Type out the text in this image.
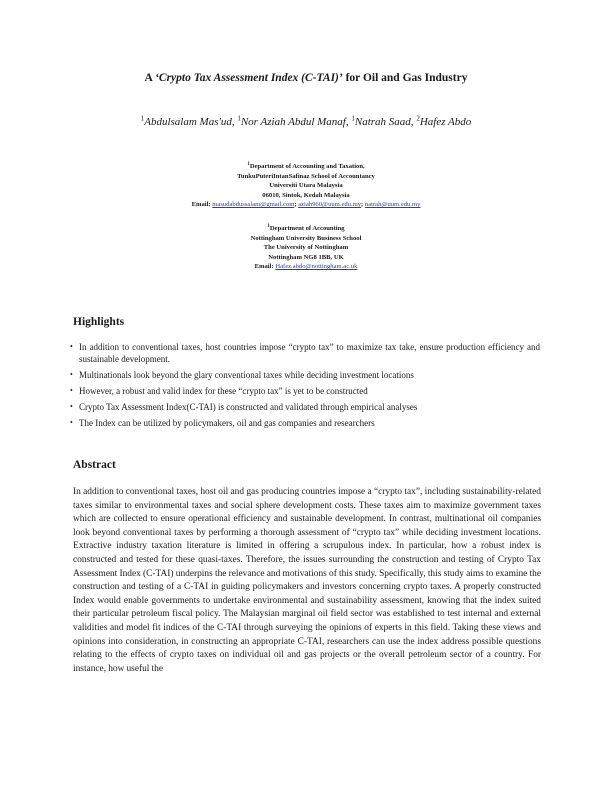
A ‘Crypto Tax Assessment Index (C-TAI)’ for Oil and Gas Industry
$^1$Abdulsalam Mas'ud, $^1$Nor Aziah Abdul Manaf, $^1$Natrah Saad, $^2$Hafez Abdo
$^1$Department of Accounting and Taxation,
TunkuPuteriIntanSafinaz School of Accountancy
Universiti Utara Malaysia
06010, Sintok, Kedah Malaysia
Email: masudabdussalam@gmail.com; aziah960@uum.edu.my; natrah@uum.edu.my
$^1$Department of Accounting
Nottingham University Business School
The University of Nottingham
Nottingham NG8 1BB, UK
Email: Hafez.abdo@nottingham.ac.uk
Highlights
• In addition to conventional taxes, host countries impose “crypto tax” to maximize tax take, ensure production efficiency and sustainable development.
• Multinationals look beyond the glary conventional taxes while deciding investment locations
• However, a robust and valid index for these “crypto tax” is yet to be constructed
• Crypto Tax Assessment Index(C-TAI) is constructed and validated through empirical analyses
• The Index can be utilized by policymakers, oil and gas companies and researchers
Abstract

In addition to conventional taxes, host oil and gas producing countries impose a “crypto tax”, including sustainability-related taxes similar to environmental taxes and social sphere development costs. These taxes aim to maximize government taxes which are collected to ensure operational efficiency and sustainable development. In contrast, multinational oil companies look beyond conventional taxes by performing a thorough assessment of “crypto tax” while deciding investment locations. Extractive industry taxation literature is limited in offering a scrupulous index. In particular, how a robust index is constructed and tested for these quasi-taxes. Therefore, the issues surrounding the construction and testing of Crypto Tax Assessment Index (C-TAI) underpins the relevance and motivations of this study. Specifically, this study aims to examine the construction and testing of a C-TAI in guiding policymakers and investors concerning crypto taxes. A properly constructed Index would enable governments to undertake environmental and sustainability assessment, knowing that the index suited their particular petroleum fiscal policy. The Malaysian marginal oil field sector was established to test internal and external validities and model fit indices of the C-TAI through surveying the opinions of experts in this field. Taking these views and opinions into consideration, in constructing an appropriate C-TAI, researchers can use the index address possible questions relating to the effects of crypto taxes on individual oil and gas projects or the overall petroleum sector of a country. For instance, how useful the
